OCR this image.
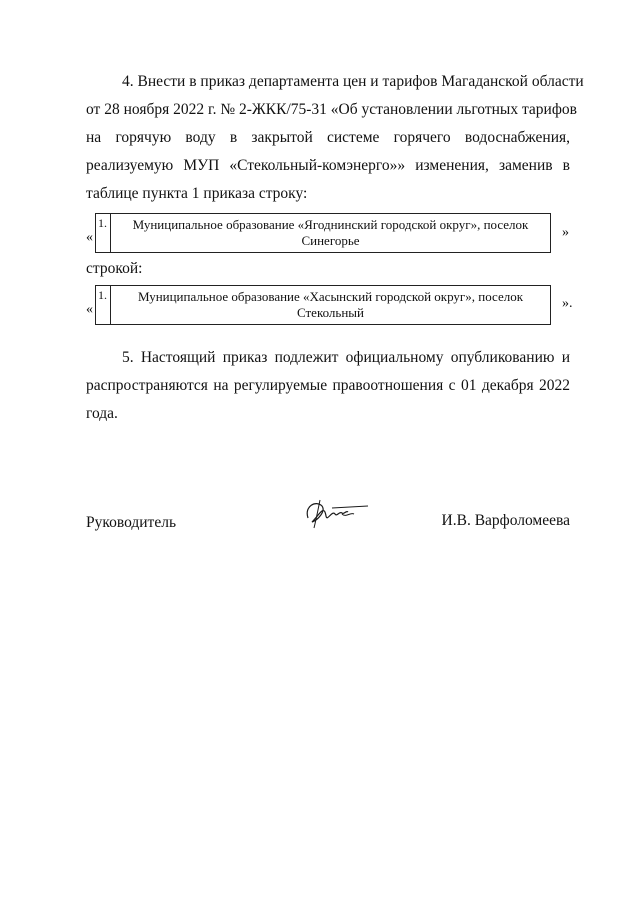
4. Внести в приказ департамента цен и тарифов Магаданской области
от 28 ноября 2022 г. № 2-ЖКК/75-31 «Об установлении льготных тарифов
на горячую воду в закрытой системе горячего водоснабжения,
реализуемую МУП «Стекольный-комэнерго»» изменения, заменив в
таблице пункта 1 приказа строку:
«
1.	Муниципальное образование «Ягоднинский городской округ», поселок
Синегорье
»
строкой:
«
1.	Муниципальное образование «Хасынский городской округ», поселок
Стекольный
».
5. Настоящий приказ подлежит официальному опубликованию и
распространяются на регулируемые правоотношения с 01 декабря 2022
года.
Руководитель	И.В. Варфоломеева
